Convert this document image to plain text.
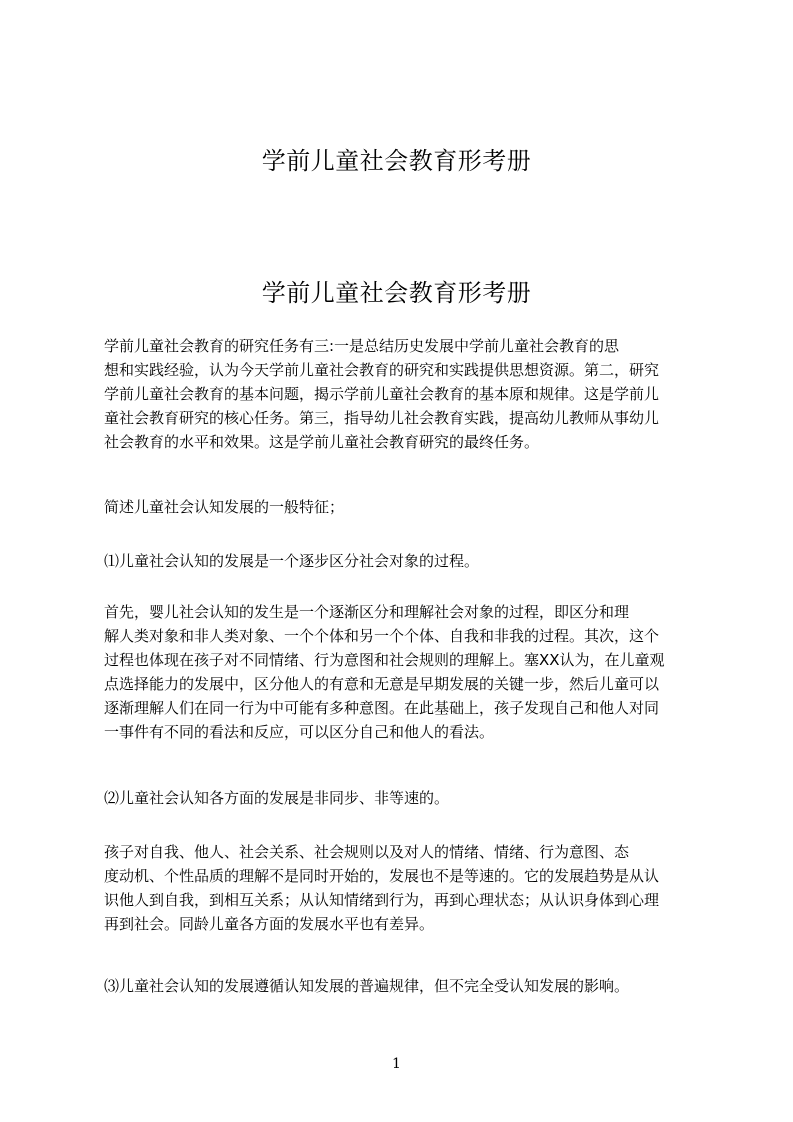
学前儿童社会教育形考册
学前儿童社会教育形考册
学前儿童社会教育的研究任务有三:一是总结历史发展中学前儿童社会教育的思
想和实践经验，认为今天学前儿童社会教育的研究和实践提供思想资源。第二，研究
学前儿童社会教育的基本问题，揭示学前儿童社会教育的基本原和规律。这是学前儿
童社会教育研究的核心任务。第三，指导幼儿社会教育实践，提高幼儿教师从事幼儿
社会教育的水平和效果。这是学前儿童社会教育研究的最终任务。
简述儿童社会认知发展的一般特征；
⑴儿童社会认知的发展是一个逐步区分社会对象的过程。
首先，婴儿社会认知的发生是一个逐渐区分和理解社会对象的过程，即区分和理
解人类对象和非人类对象、一个个体和另一个个体、自我和非我的过程。其次，这个
过程也体现在孩子对不同情绪、行为意图和社会规则的理解上。塞XX认为，在儿童观
点选择能力的发展中，区分他人的有意和无意是早期发展的关键一步，然后儿童可以
逐渐理解人们在同一行为中可能有多种意图。在此基础上，孩子发现自己和他人对同
一事件有不同的看法和反应，可以区分自己和他人的看法。
⑵儿童社会认知各方面的发展是非同步、非等速的。
孩子对自我、他人、社会关系、社会规则以及对人的情绪、情绪、行为意图、态
度动机、个性品质的理解不是同时开始的，发展也不是等速的。它的发展趋势是从认
识他人到自我，到相互关系；从认知情绪到行为，再到心理状态；从认识身体到心理
再到社会。同龄儿童各方面的发展水平也有差异。
⑶儿童社会认知的发展遵循认知发展的普遍规律，但不完全受认知发展的影响。
1
